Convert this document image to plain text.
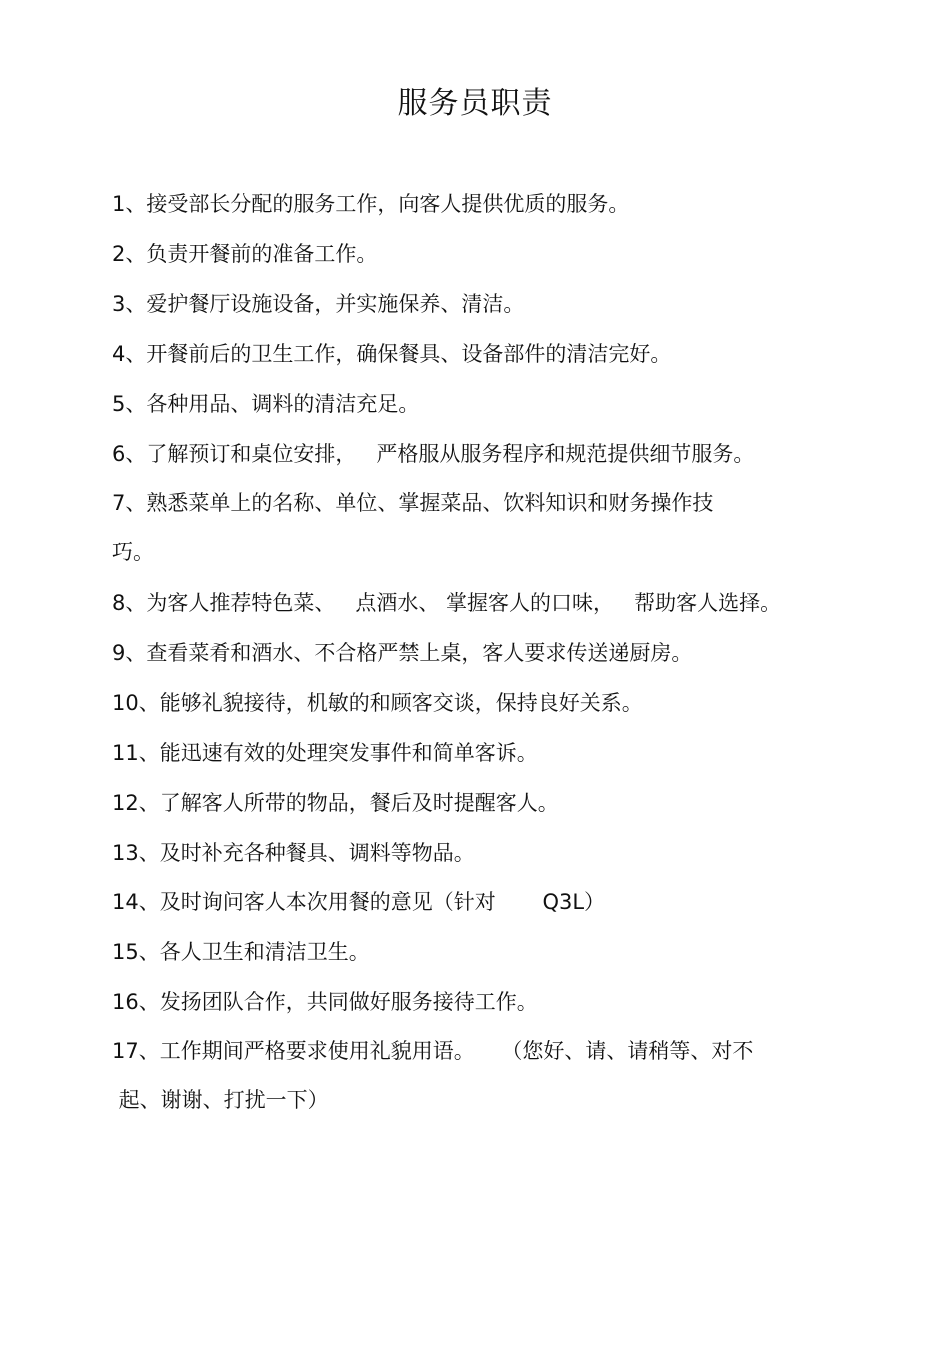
服务员职责
1、接受部长分配的服务工作，向客人提供优质的服务。
2、负责开餐前的准备工作。
3、爱护餐厅设施设备，并实施保养、清洁。
4、开餐前后的卫生工作，确保餐具、设备部件的清洁完好。
5、各种用品、调料的清洁充足。
6、了解预订和桌位安排，   严格服从服务程序和规范提供细节服务。
7、熟悉菜单上的名称、单位、掌握菜品、饮料知识和财务操作技
巧。
8、为客人推荐特色菜、   点酒水、 掌握客人的口味，   帮助客人选择。
9、查看菜肴和酒水、不合格严禁上桌，客人要求传送递厨房。
10、能够礼貌接待，机敏的和顾客交谈，保持良好关系。
11、能迅速有效的处理突发事件和简单客诉。
12、了解客人所带的物品，餐后及时提醒客人。
13、及时补充各种餐具、调料等物品。
14、及时询问客人本次用餐的意见（针对       Q3L）
15、各人卫生和清洁卫生。
16、发扬团队合作，共同做好服务接待工作。
17、工作期间严格要求使用礼貌用语。    （您好、请、请稍等、对不
起、谢谢、打扰一下）
